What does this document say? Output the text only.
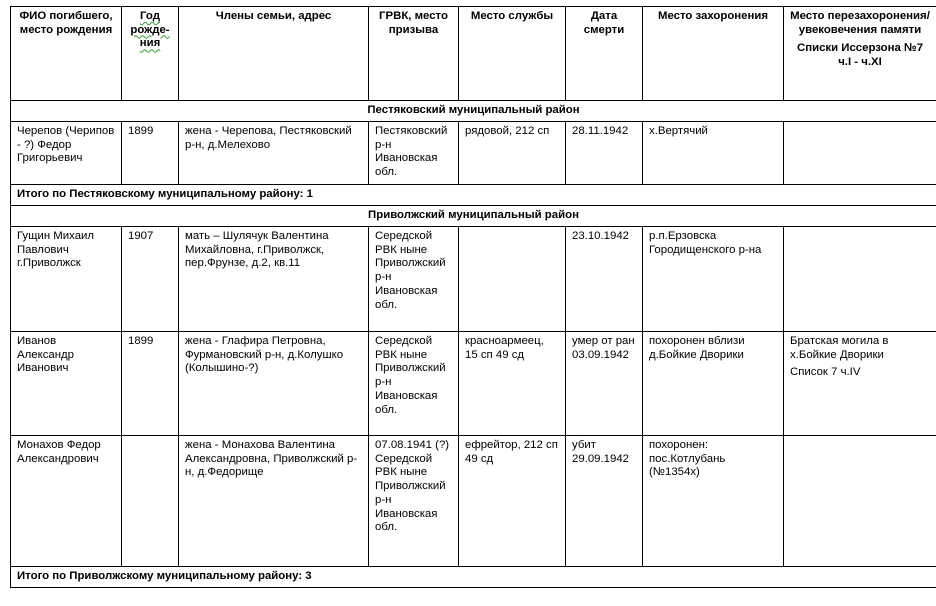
ФИО погибшего, место рождения	Год рожде-ния	Члены семьи, адрес	ГРВК, место призыва	Место службы	Дата смерти	Место захоронения	Место перезахоронения/ увековечения памяти
Списки Иссерзона №7 ч.I - ч.XI

Пестяковский муниципальный район							
Черепов (Черипов - ?) Федор Григорьевич	1899	жена - Черепова, Пестяковский р-н, д.Мелехово	Пестяковский р-н Ивановская обл.	рядовой, 212 сп	28.11.1942	х.Вертячий	
Итого по Пестяковскому муниципальному району: 1							
Приволжский муниципальный район							
Гущин Михаил Павлович г.Приволжск	1907	мать – Шулячук Валентина Михайловна, г.Приволжск, пер.Фрунзе, д.2, кв.11	Середской РВК ныне Приволжский р-н Ивановская обл.		23.10.1942	р.п.Ерзовска Городищенского р-на	
Иванов Александр Иванович	1899	жена - Глафира Петровна, Фурмановский р-н, д.Колушко (Колышино-?)	Середской РВК ныне Приволжский р-н Ивановская обл.	красноармеец, 15 сп 49 сд	умер от ран 03.09.1942	похоронен вблизи д.Бойкие Дворики	Братская могила в х.Бойкие Дворики
Список 7 ч.IV

Монахов Федор Александрович		жена - Монахова Валентина Александровна, Приволжский р-н, д.Федорище	07.08.1941 (?) Середской РВК ныне Приволжский р-н Ивановская обл.	ефрейтор, 212 сп 49 сд	убит 29.09.1942	похоронен: пос.Котлубань (№1354х)	
Итого по Приволжскому муниципальному району: 3							
